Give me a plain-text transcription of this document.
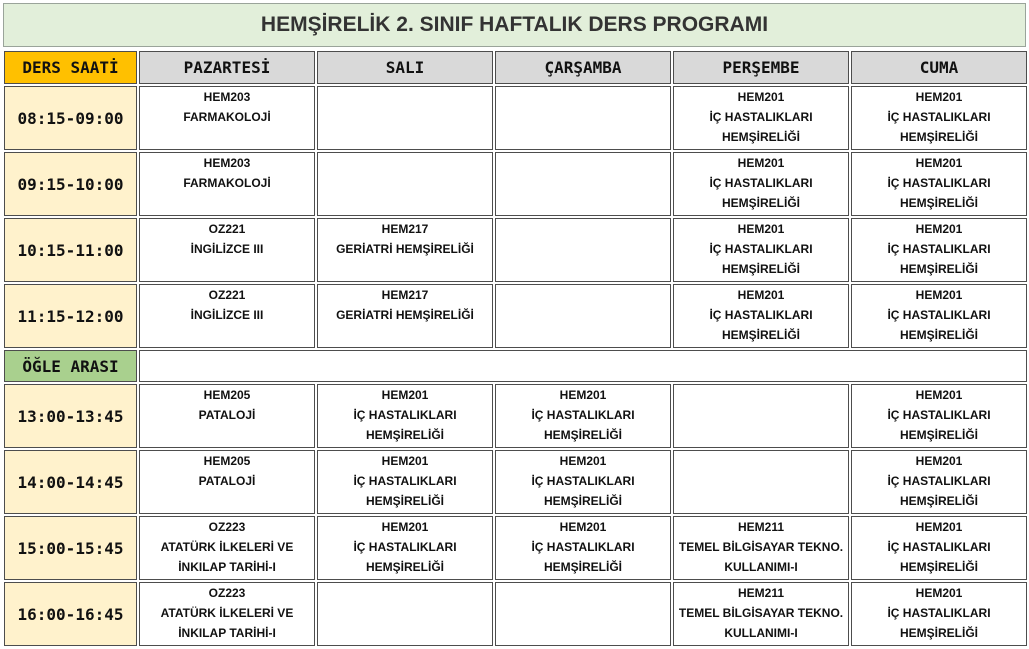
HEMŞİRELİK 2. SINIF HAFTALIK DERS PROGRAMI
DERS SAATİ	PAZARTESİ	SALI	ÇARŞAMBA	PERŞEMBE	CUMA
08:15-09:00	HEM203
FARMAKOLOJİ			HEM201
İÇ HASTALIKLARI
HEMŞİRELİĞİ	HEM201
İÇ HASTALIKLARI
HEMŞİRELİĞİ

09:15-10:00	HEM203
FARMAKOLOJİ			HEM201
İÇ HASTALIKLARI
HEMŞİRELİĞİ	HEM201
İÇ HASTALIKLARI
HEMŞİRELİĞİ

10:15-11:00	OZ221
İNGİLİZCE III	HEM217
GERİATRİ HEMŞİRELİĞİ		HEM201
İÇ HASTALIKLARI
HEMŞİRELİĞİ	HEM201
İÇ HASTALIKLARI
HEMŞİRELİĞİ

11:15-12:00	OZ221
İNGİLİZCE III	HEM217
GERİATRİ HEMŞİRELİĞİ		HEM201
İÇ HASTALIKLARI
HEMŞİRELİĞİ	HEM201
İÇ HASTALIKLARI
HEMŞİRELİĞİ

ÖĞLE ARASI					
13:00-13:45	HEM205
PATALOJİ	HEM201
İÇ HASTALIKLARI
HEMŞİRELİĞİ	HEM201
İÇ HASTALIKLARI
HEMŞİRELİĞİ		HEM201
İÇ HASTALIKLARI
HEMŞİRELİĞİ

14:00-14:45	HEM205
PATALOJİ	HEM201
İÇ HASTALIKLARI
HEMŞİRELİĞİ	HEM201
İÇ HASTALIKLARI
HEMŞİRELİĞİ		HEM201
İÇ HASTALIKLARI
HEMŞİRELİĞİ

15:00-15:45	OZ223
ATATÜRK İLKELERİ VE
İNKILAP TARİHİ-I	HEM201
İÇ HASTALIKLARI
HEMŞİRELİĞİ	HEM201
İÇ HASTALIKLARI
HEMŞİRELİĞİ	HEM211
TEMEL BİLGİSAYAR TEKNO.
KULLANIMI-I	HEM201
İÇ HASTALIKLARI
HEMŞİRELİĞİ

16:00-16:45	OZ223
ATATÜRK İLKELERİ VE
İNKILAP TARİHİ-I			HEM211
TEMEL BİLGİSAYAR TEKNO.
KULLANIMI-I	HEM201
İÇ HASTALIKLARI
HEMŞİRELİĞİ
